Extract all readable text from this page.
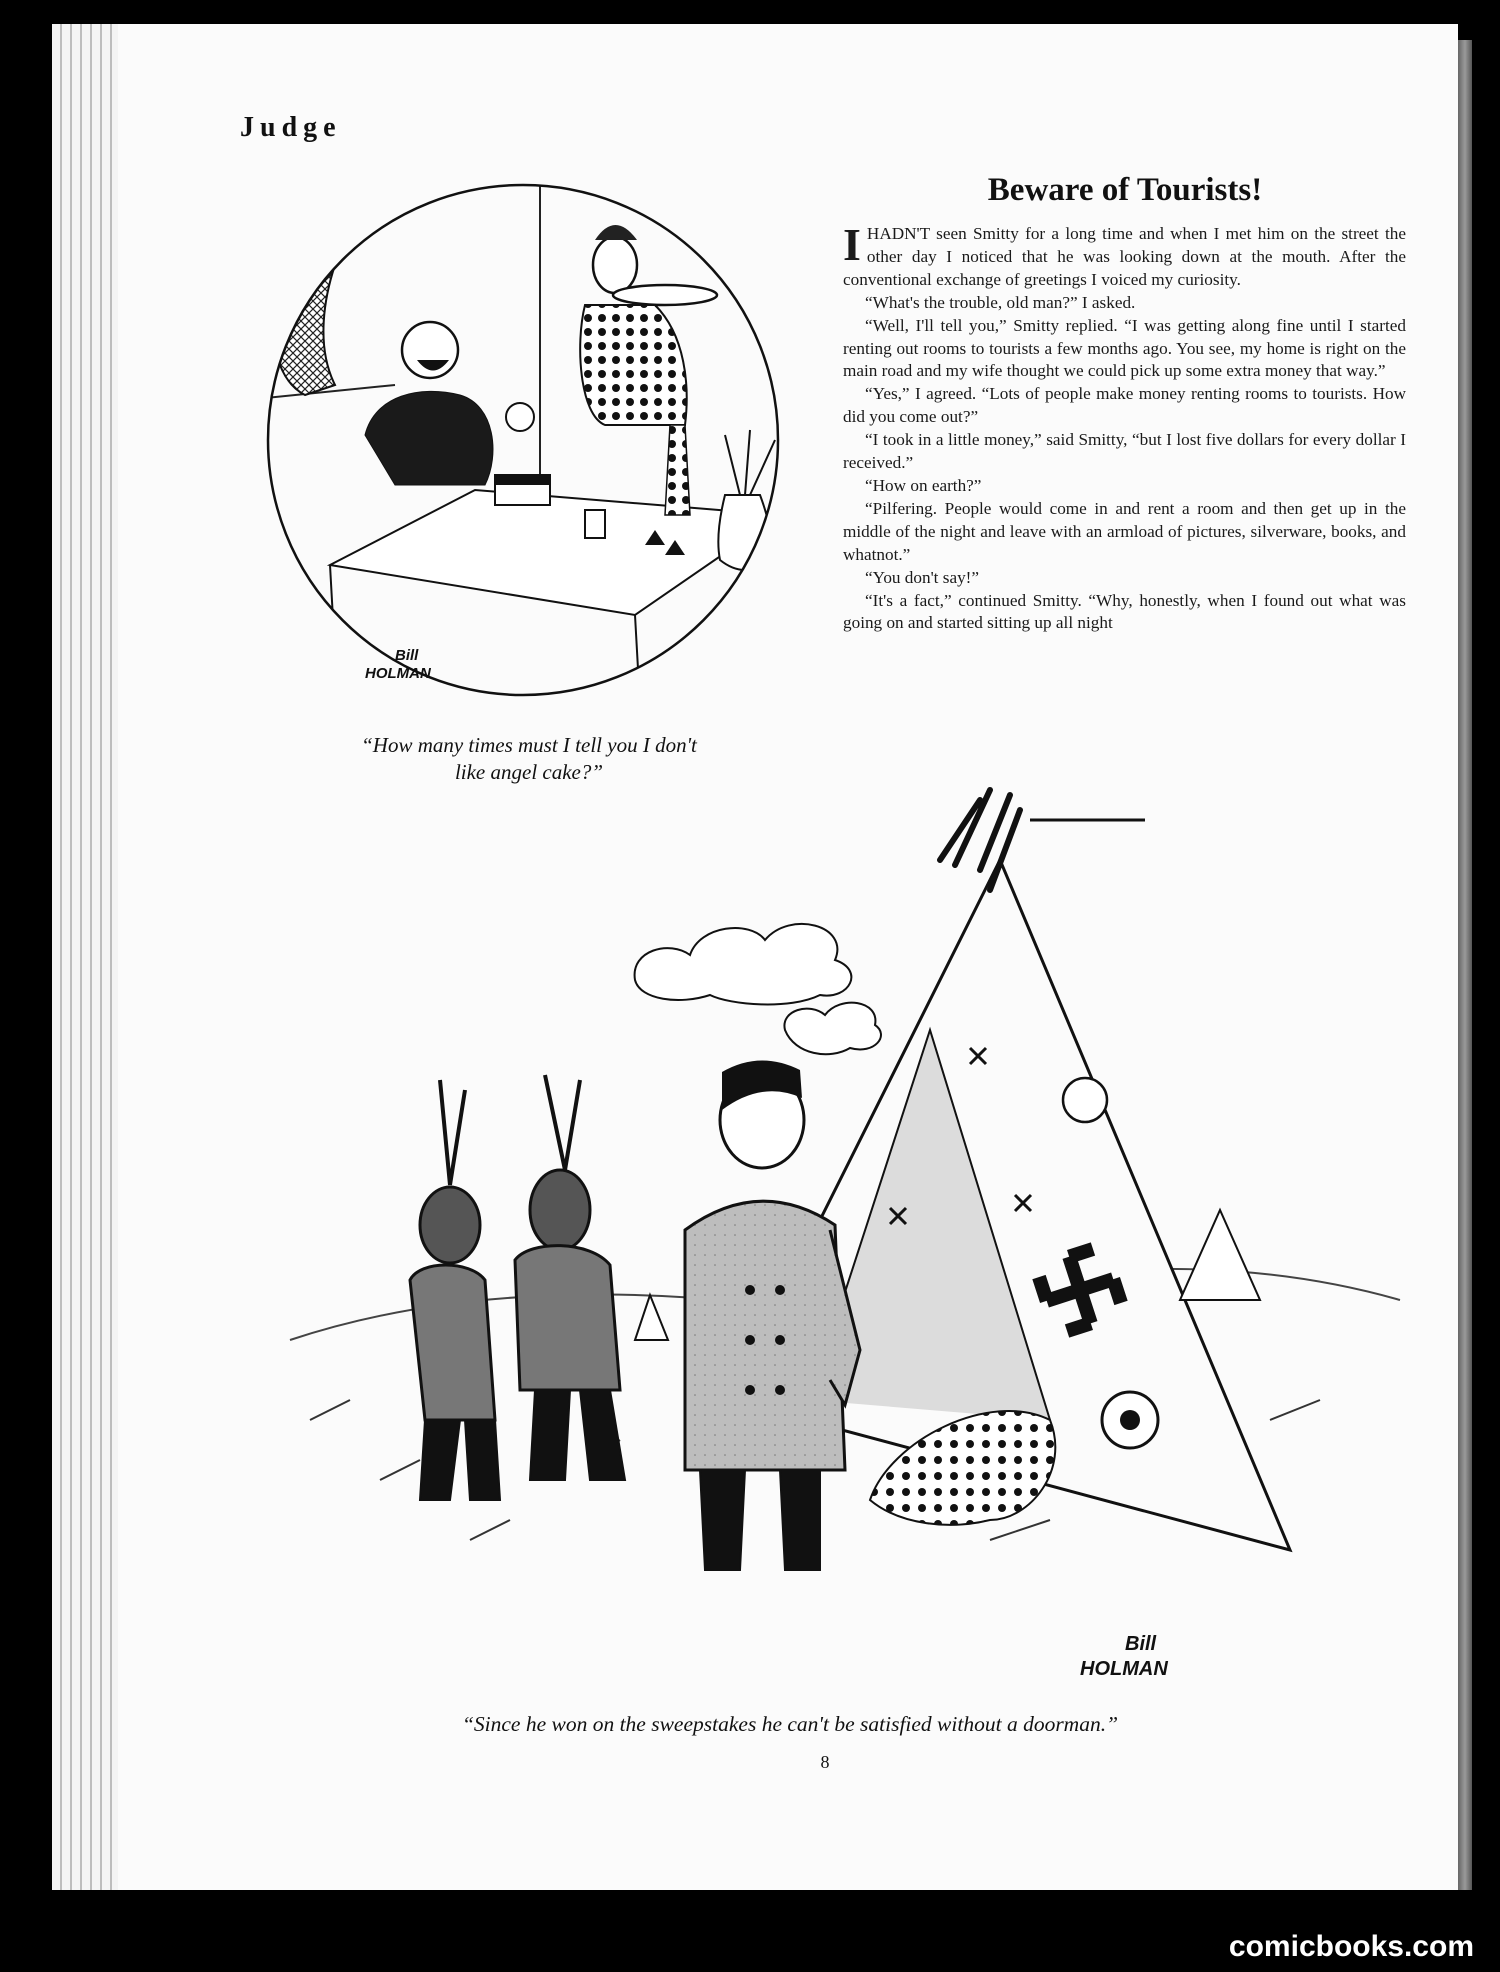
Judge
Bill
HOLMAN
“How many times must I tell you I don't
like angel cake?”
Beware of Tourists!

IHADN'T seen Smitty for a long time and when I met him on the street the other day I noticed that he was looking down at the mouth. After the conventional exchange of greetings I voiced my curiosity.

“What's the trouble, old man?” I asked.

“Well, I'll tell you,” Smitty replied. “I was getting along fine until I started renting out rooms to tourists a few months ago. You see, my home is right on the main road and my wife thought we could pick up some extra money that way.”

“Yes,” I agreed. “Lots of people make money renting rooms to tourists. How did you come out?”

“I took in a little money,” said Smitty, “but I lost five dollars for every dollar I received.”

“How on earth?”

“Pilfering. People would come in and rent a room and then get up in the middle of the night and leave with an armload of pictures, silverware, books, and whatnot.”

“You don't say!”

“It's a fact,” continued Smitty. “Why, honestly, when I found out what was going on and started sitting up all night

Bill
HOLMAN
“Since he won on the sweepstakes he can't be satisfied without a doorman.”
8
comicbooks.com
